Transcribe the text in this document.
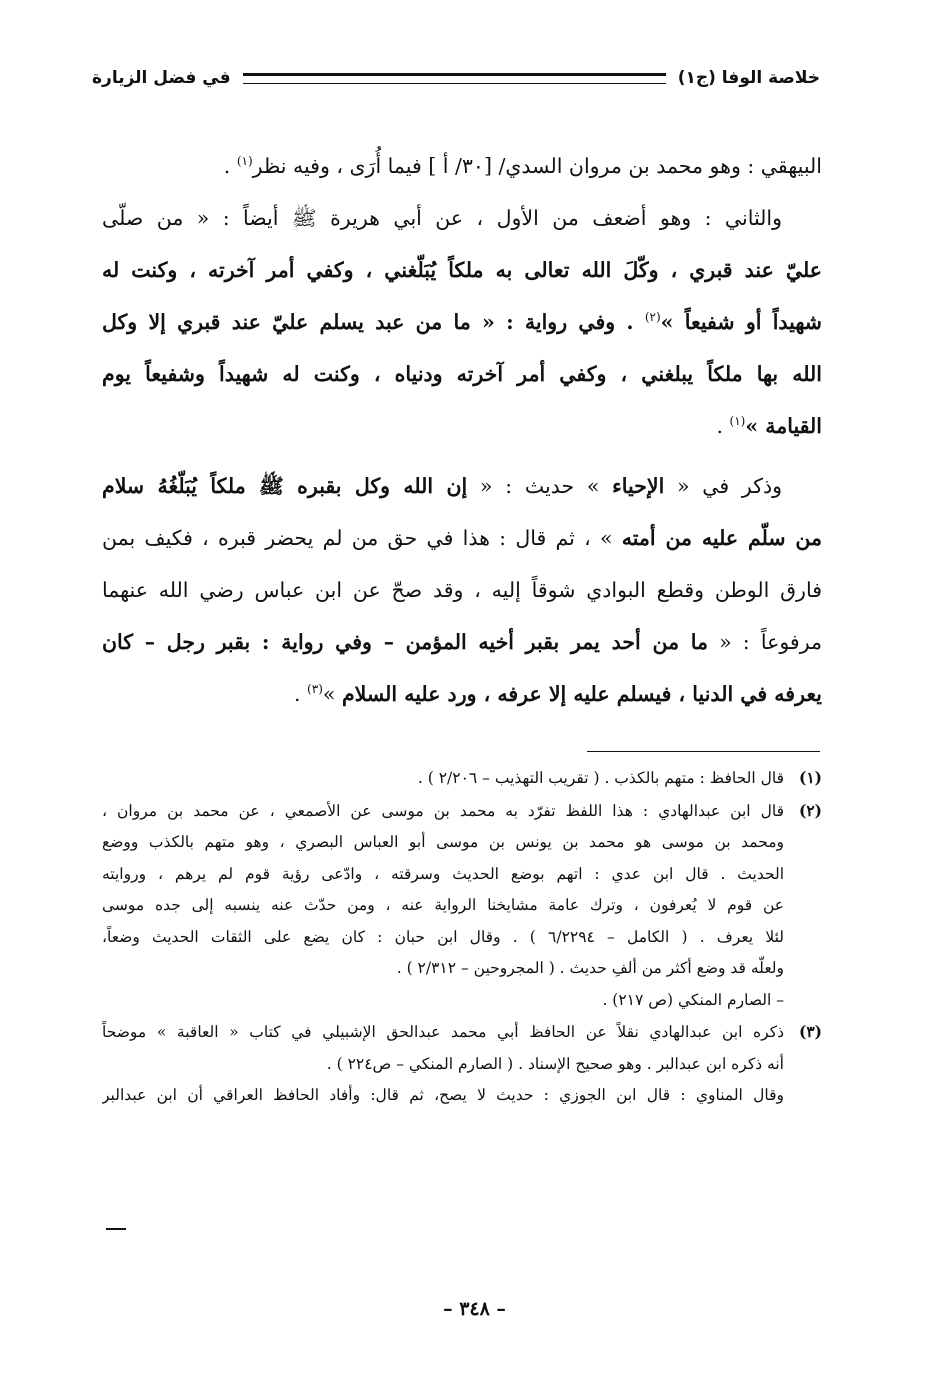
خلاصة الوفا (ج١)
في فضل الزيارة
البيهقي : وهو محمد بن مروان السدي/ [٣٠/ أ ] فيما أُرَى ، وفيه نظر$^{(١)}$ .
والثاني : وهو أضعف من الأول ، عن أبي هريرة ﷺ أيضاً : « من صلّى
عليّ عند قبري ، وكّلَ الله تعالى به ملكاً يُبَلّغني ، وكفي أمر آخرته ، وكنت له
شهيداً أو شفيعاً »$^{(٢)}$ . وفي رواية : « ما من عبد يسلم عليّ عند قبري إلا وكل
الله بها ملكاً يبلغني ، وكفي أمر آخرته ودنياه ، وكنت له شهيداً وشفيعاً يوم
القيامة »$^{(١)}$ .
وذكر في « الإحياء » حديث : « إن الله وكل بقبره ﷺ ملكاً يُبَلّغُهُ سلام
من سلّم عليه من أمته » ، ثم قال : هذا في حق من لم يحضر قبره ، فكيف بمن
فارق الوطن وقطع البوادي شوقاً إليه ، وقد صحّ عن ابن عباس رضي الله عنهما
مرفوعاً : « ما من أحد يمر بقبر أخيه المؤمن – وفي رواية : بقبر رجل – كان
يعرفه في الدنيا ، فيسلم عليه إلا عرفه ، ورد عليه السلام »$^{(٣)}$ .
(١)قال الحافظ : متهم بالكذب . ( تقريب التهذيب – ٢/٢٠٦ ) .
(٢)قال ابن عبدالهادي : هذا اللفظ تفرّد به محمد بن موسى عن الأصمعي ، عن محمد بن مروان ،
ومحمد بن موسى هو محمد بن يونس بن موسى أبو العباس البصري ، وهو متهم بالكذب ووضع
الحديث . قال ابن عدي : اتهم بوضع الحديث وسرقته ، وادّعى رؤية قوم لم يرهم ، وروايته
عن قوم لا يُعرفون ، وترك عامة مشايخنا الرواية عنه ، ومن حدّث عنه ينسبه إلى جده موسى
لئلا يعرف . ( الكامل – ٦/٢٢٩٤ ) . وقال ابن حبان : كان يضع على الثقات الحديث وضعاً،
ولعلّه قد وضع أكثر من ألفِ حديث . ( المجروحين – ٢/٣١٢ ) .
– الصارم المنكي (ص ٢١٧) .
(٣)ذكره ابن عبدالهادي نقلاً عن الحافظ أبي محمد عبدالحق الإشبيلي في كتاب « العاقبة » موضحاً
أنه ذكره ابن عبدالبر . وهو صحيح الإسناد . ( الصارم المنكي – ص٢٢٤ ) .
وقال المناوي : قال ابن الجوزي : حديث لا يصح، ثم قال: وأفاد الحافظ العراقي أن ابن عبدالبر
– ٣٤٨ –
